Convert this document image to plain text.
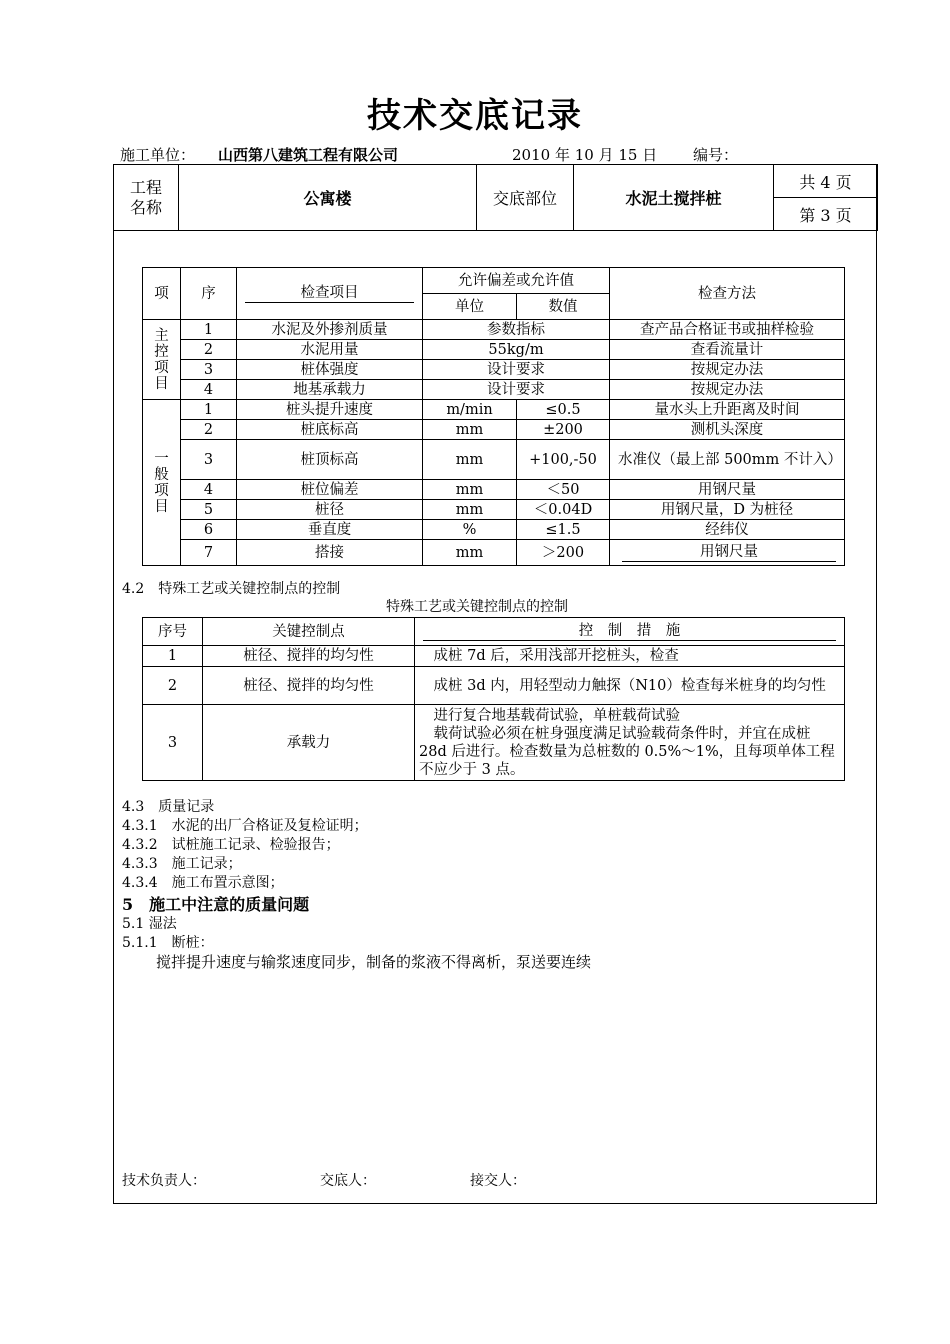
技术交底记录
施工单位： 山西第八建筑工程有限公司	2010 年 10 月 15 日 编号：
工程名称	公寓楼	交底部位	水泥土搅拌桩	共 4 页
第 3 页
项	序	检查项目	允许偏差或允许值		检查方法
			单位	数值	
主控项目	1	水泥及外掺剂质量	参数指标		查产品合格证书或抽样检验
	2	水泥用量	55kg/m		查看流量计
	3	桩体强度	设计要求		按规定办法
	4	地基承载力	设计要求		按规定办法
一般项目	1	桩头提升速度	m/min	≤0.5	量水头上升距离及时间
	2	桩底标高	mm	±200	测机头深度
	3	桩顶标高	mm	+100,-50	水准仪（最上部 500mm 不计入）
	4	桩位偏差	mm	＜50	用钢尺量
	5	桩径	mm	＜0.04D	用钢尺量，D 为桩径
	6	垂直度	%	≤1.5	经纬仪
	7	搭接	mm	＞200	用钢尺量
4.2　特殊工艺或关键控制点的控制
特殊工艺或关键控制点的控制
序号	关键控制点	控　制　措　施

1	桩径、搅拌的均匀性	　成桩 7d 后，采用浅部开挖桩头，检查
2	桩径、搅拌的均匀性	　成桩 3d 内，用轻型动力触探（N10）检查每米桩身的均匀性
3	承载力	　进行复合地基载荷试验，单桩载荷试验
　载荷试验必须在桩身强度满足试验载荷条件时，并宜在成桩 28d 后进行。检查数量为总桩数的 0.5%～1%，且每项单体工程不应少于 3 点。
4.3　质量记录
4.3.1　水泥的出厂合格证及复检证明；
4.3.2　试桩施工记录、检验报告；
4.3.3　施工记录；
4.3.4　施工布置示意图；
5　施工中注意的质量问题
5.1 湿法
5.1.1　断桩：
搅拌提升速度与输浆速度同步，制备的浆液不得离析，泵送要连续
技术负责人：	交底人：	接交人：
